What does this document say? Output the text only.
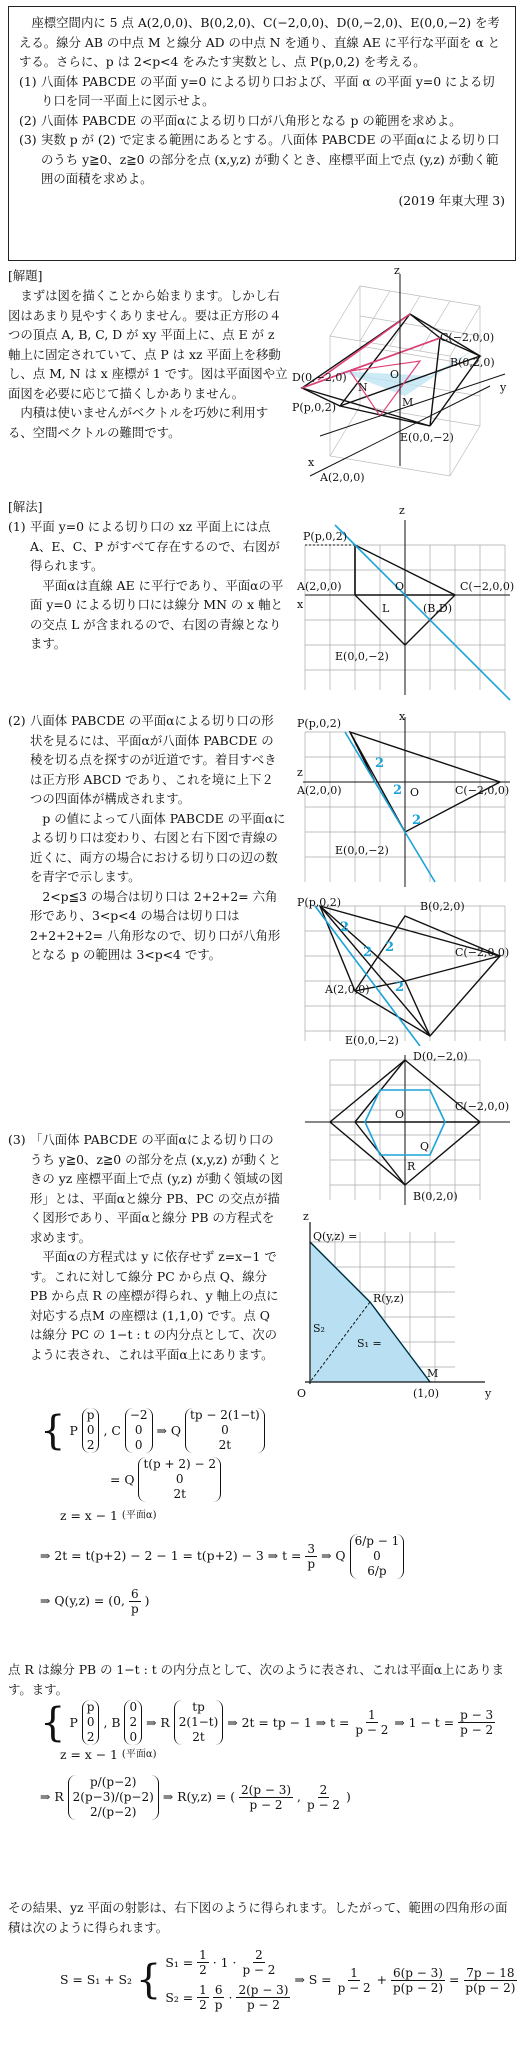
座標空間内に 5 点 A(2,0,0)、B(0,2,0)、C(−2,0,0)、D(0,−2,0)、E(0,0,−2) を考える。線分 AB の中点 M と線分 AD の中点 N を通り、直線 AE に平行な平面を α とする。さらに、p は 2<p<4 をみたす実数とし、点 P(p,0,2) を考える。

(1) 八面体 PABCDE の平面 y=0 による切り口および、平面 α の平面 y=0 による切り口を同一平面上に図示せよ。
(2) 八面体 PABCDE の平面αによる切り口が八角形となる p の範囲を求めよ。
(3) 実数 p が (2) で定まる範囲にあるとする。八面体 PABCDE の平面αによる切り口のうち y≧0、z≧0 の部分を点 (x,y,z) が動くとき、座標平面上で点 (y,z) が動く範囲の面積を求めよ。
(2019 年東大理 3)
[解題]

まずは図を描くことから始まります。しかし右図はあまり見やすくありません。要は正方形の４つの頂点 A, B, C, D が xy 平面上に、点 E が z 軸上に固定されていて、点 P は xz 平面上を移動し、点 M, N は x 座標が 1 です。図は平面図や立面図を必要に応じて描くしかありません。

内積は使いませんがベクトルを巧妙に利用する、空間ベクトルの難問です。

z
C(−2,0,0)
B(0,2,0)
D(0,−2,0)
P(p,0,2)
A(2,0,0)
E(0,0,−2)
O
M
N	y
x
[解法]
(1) 平面 y=0 による切り口の xz 平面上には点 A、E、C、P がすべて存在するので、右図が得られます。

平面αは直線 AE に平行であり、平面αの平面 y=0 による切り口には線分 MN の x 軸との交点 L が含まれるので、右図の青線となります。

z
P(p,0,2)
A(2,0,0)
x
O	C(−2,0,0)
L	(B,D)
E(0,0,−2)
(2) 八面体 PABCDE の平面αによる切り口の形状を見るには、平面αが八面体 PABCDE の稜を切る点を探すのが近道です。着目すべきは正方形 ABCD であり、これを境に上下２つの四面体が構成されます。

p の値によって八面体 PABCDE の平面αによる切り口は変わり、右図と右下図で青線の近くに、両方の場合における切り口の辺の数を青字で示します。

2<p≦3 の場合は切り口は 2+2+2= 六角形であり、3<p<4 の場合は切り口は 2+2+2+2= 八角形なので、切り口が八角形となる p の範囲は 3<p<4 です。

2
2
2
x
P(p,0,2)
z
A(2,0,0)	O	C(−2,0,0)
E(0,0,−2)
2
2 2
2
P(p,0,2)	B(0,2,0)
C(−2,0,0)
A(2,0,0)
E(0,0,−2)
(3) 「八面体 PABCDE の平面αによる切り口のうち y≧0、z≧0 の部分を点 (x,y,z) が動くときの yz 座標平面上で点 (y,z) が動く領域の図形」とは、平面αと線分 PB、PC の交点が描く図形であり、平面αと線分 PB の方程式を求めます。

平面αの方程式は y に依存せず z=x−1 です。これに対して線分 PC から点 Q、線分 PB から点 R の座標が得られ、y 軸上の点に対応する点M の座標は (1,1,0) です。点 Q は線分 PC の 1−t : t の内分点として、次のように表され、これは平面α上にあります。

D(0,−2,0)
C(−2,0,0)
B(0,2,0)
O
Q
R
z
Q(y,z) =
R(y,z)
S₂
S₁ =
O
M
(1,0)	y
{ P
p
0
2
, C
−2
0
0
⇒ Q
tp − 2(1−t)
0
2t
= Q
t(p + 2) − 2
0
2t
z = x − 1 (平面α)
⇒ 2t = t(p+2) − 2 − 1 = t(p+2) − 3 ⇒ $t = \frac{3}{p}$ ⇒ Q
6/p − 1
0
6/p
⇒ Q(y,z) = (0, $\frac{6}{p}$ )
点 R は線分 PB の 1−t : t の内分点として、次のように表され、これは平面α上にあります。ます。
{ P
p
0
2
, B
0
2
0
⇒ R
tp
2(1−t)
2t
⇒ 2t = tp − 1 ⇒ $t = \frac{1}{p - 2}$ ⇒ $1 - t = \frac{p - 3}{p - 2}$
z = x − 1 (平面α)
⇒ R
p/(p−2)
2(p−3)/(p−2)
2/(p−2)
⇒ R(y,z) = ( $\frac{2(p - 3)}{p - 2}$ , $\frac{2}{p - 2}$ )
その結果、yz 平面の射影は、右下図のように得られます。したがって、範囲の四角形の面積は次のように得られます。
S = S₁ + S₂ { $S_1 = \frac{1}{2} \cdot 1 \cdot \frac{2}{p - 2}$
$S_2 = \frac{1}{2} \frac{6}{p} \cdot \frac{2(p - 3)}{p - 2}$
⇒ $S = \frac{1}{p - 2} + \frac{6(p - 3)}{p(p - 2)} = \frac{7p - 18}{p(p - 2)}$
